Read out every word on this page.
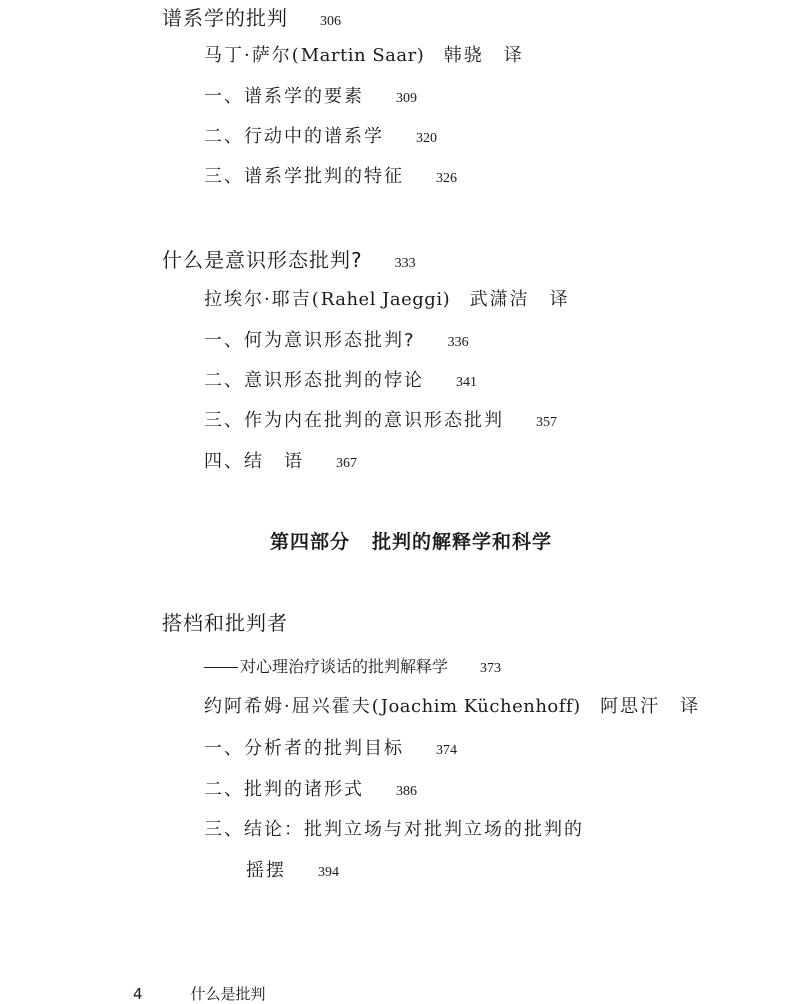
谱系学的批判 306
马丁·萨尔(Martin Saar) 韩骁　译
一、谱系学的要素 309
二、行动中的谱系学 320
三、谱系学批判的特征 326
什么是意识形态批判? 333
拉埃尔·耶吉(Rahel Jaeggi) 武潇洁　译
一、何为意识形态批判? 336
二、意识形态批判的悖论 341
三、作为内在批判的意识形态批判 357
四、结　语 367
第四部分 批判的解释学和科学
搭档和批判者
对心理治疗谈话的批判解释学 373
约阿希姆·屈兴霍夫(Joachim Küchenhoff) 阿思汗　译
一、分析者的批判目标 374
二、批判的诸形式 386
三、结论：批判立场与对批判立场的批判的
摇摆 394
4	什么是批判
